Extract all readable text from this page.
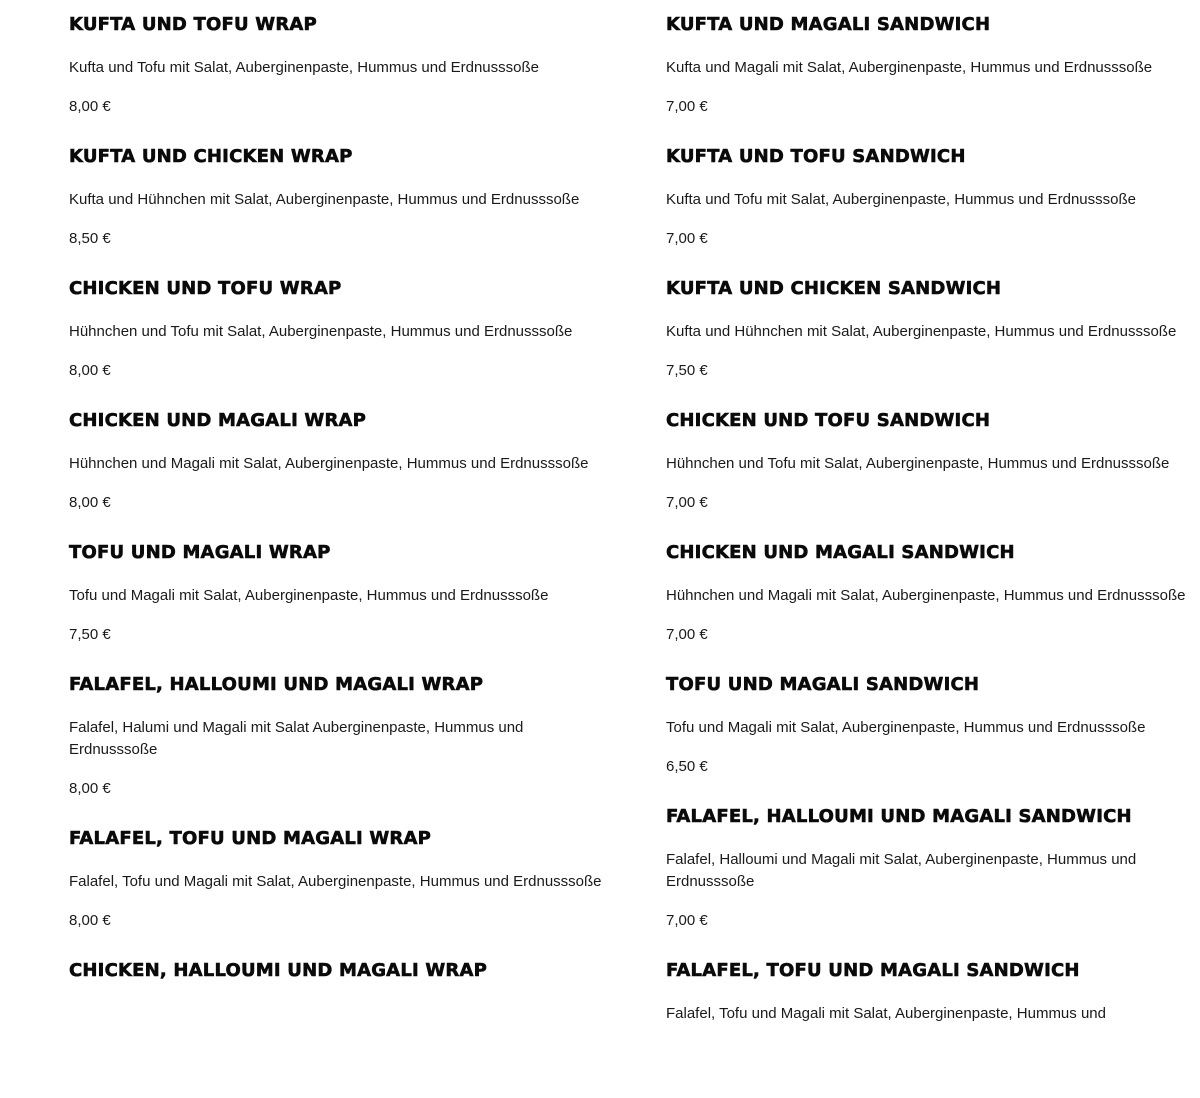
KUFTA UND TOFU WRAP

Kufta und Tofu mit Salat, Auberginenpaste, Hummus und Erdnusssoße

8,00 €

KUFTA UND CHICKEN WRAP

Kufta und Hühnchen mit Salat, Auberginenpaste, Hummus und Erdnusssoße

8,50 €

CHICKEN UND TOFU WRAP

Hühnchen und Tofu mit Salat, Auberginenpaste, Hummus und Erdnusssoße

8,00 €

CHICKEN UND MAGALI WRAP

Hühnchen und Magali mit Salat, Auberginenpaste, Hummus und Erdnusssoße

8,00 €

TOFU UND MAGALI WRAP

Tofu und Magali mit Salat, Auberginenpaste, Hummus und Erdnusssoße

7,50 €

FALAFEL, HALLOUMI UND MAGALI WRAP

Falafel, Halumi und Magali mit Salat Auberginenpaste, Hummus und Erdnusssoße

8,00 €

FALAFEL, TOFU UND MAGALI WRAP

Falafel, Tofu und Magali mit Salat, Auberginenpaste, Hummus und Erdnusssoße

8,00 €

CHICKEN, HALLOUMI UND MAGALI WRAP
KUFTA UND MAGALI SANDWICH

Kufta und Magali mit Salat, Auberginenpaste, Hummus und Erdnusssoße

7,00 €

KUFTA UND TOFU SANDWICH

Kufta und Tofu mit Salat, Auberginenpaste, Hummus und Erdnusssoße

7,00 €

KUFTA UND CHICKEN SANDWICH

Kufta und Hühnchen mit Salat, Auberginenpaste, Hummus und Erdnusssoße

7,50 €

CHICKEN UND TOFU SANDWICH

Hühnchen und Tofu mit Salat, Auberginenpaste, Hummus und Erdnusssoße

7,00 €

CHICKEN UND MAGALI SANDWICH

Hühnchen und Magali mit Salat, Auberginenpaste, Hummus und Erdnusssoße

7,00 €

TOFU UND MAGALI SANDWICH

Tofu und Magali mit Salat, Auberginenpaste, Hummus und Erdnusssoße

6,50 €

FALAFEL, HALLOUMI UND MAGALI SANDWICH

Falafel, Halloumi und Magali mit Salat, Auberginenpaste, Hummus und Erdnusssoße

7,00 €

FALAFEL, TOFU UND MAGALI SANDWICH

Falafel, Tofu und Magali mit Salat, Auberginenpaste, Hummus und
